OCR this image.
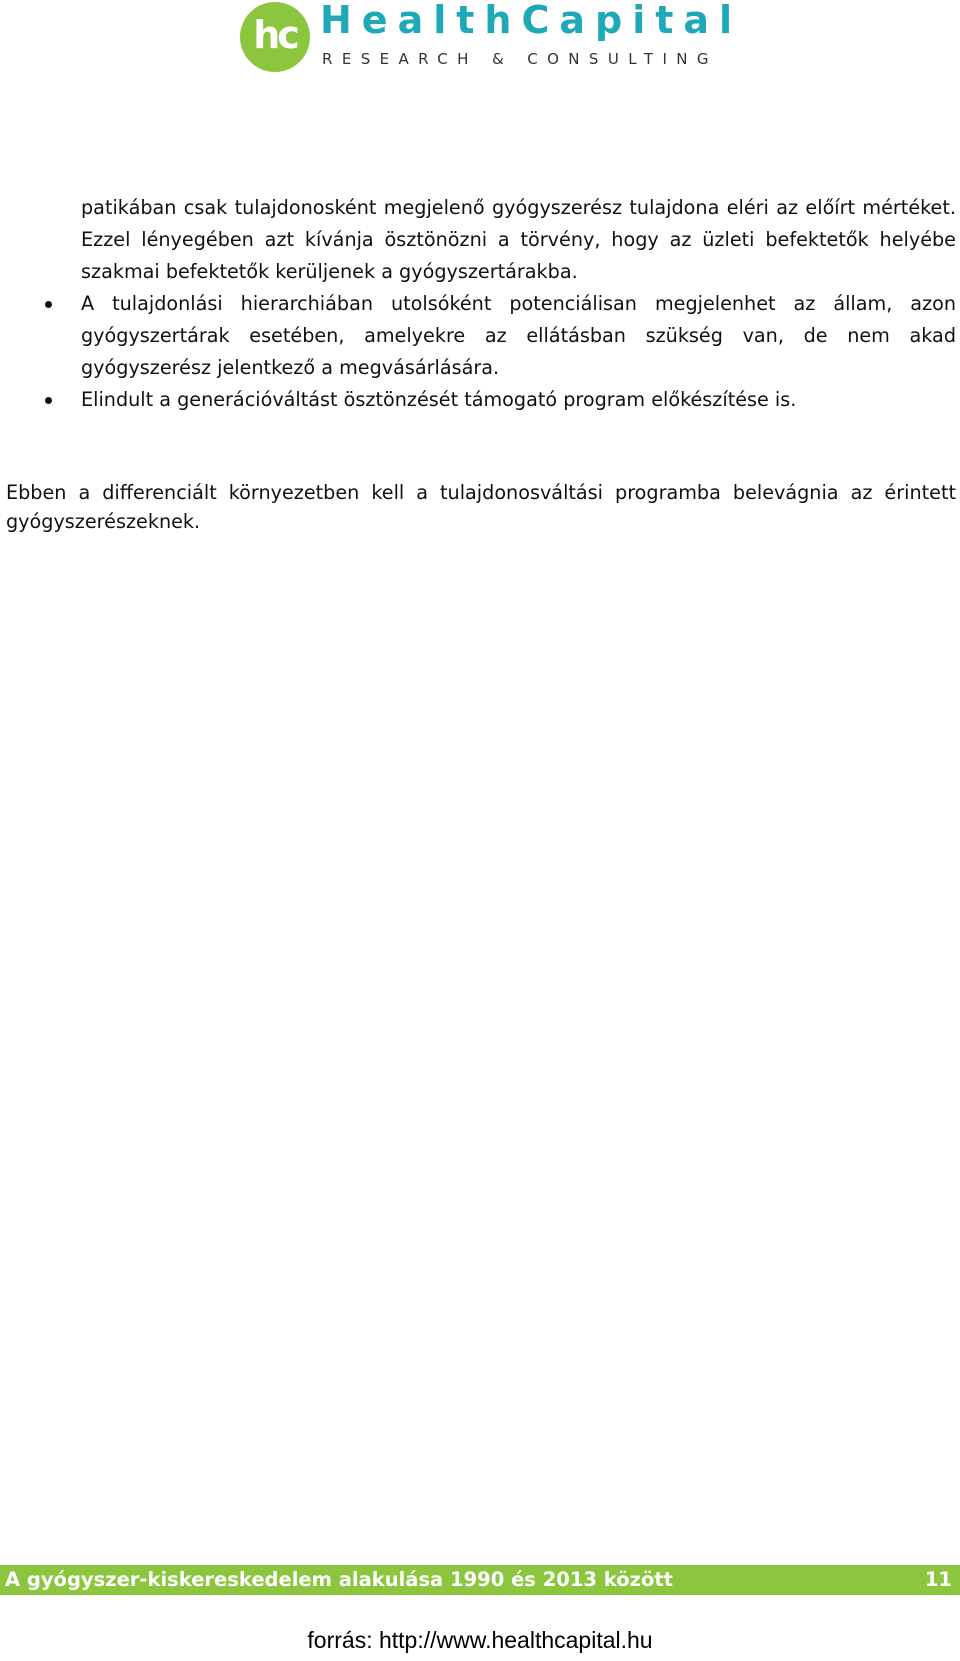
hc HealthCapital
RESEARCH & CONSULTING

patikában csak tulajdonosként megjelenő gyógyszerész tulajdona eléri az előírt mértéket. Ezzel lényegében azt kívánja ösztönözni a törvény, hogy az üzleti befektetők helyébe szakmai befektetők kerüljenek a gyógyszertárakba.

A tulajdonlási hierarchiában utolsóként potenciálisan megjelenhet az állam, azon gyógyszertárak esetében, amelyekre az ellátásban szükség van, de nem akad gyógyszerész jelentkező a megvásárlására.
Elindult a generációváltást ösztönzését támogató program előkészítése is.

Ebben a differenciált környezetben kell a tulajdonosváltási programba belevágnia az érintett gyógyszerészeknek.

A gyógyszer-kiskereskedelem alakulása 1990 és 2013 között	11
forrás: http://www.healthcapital.hu
